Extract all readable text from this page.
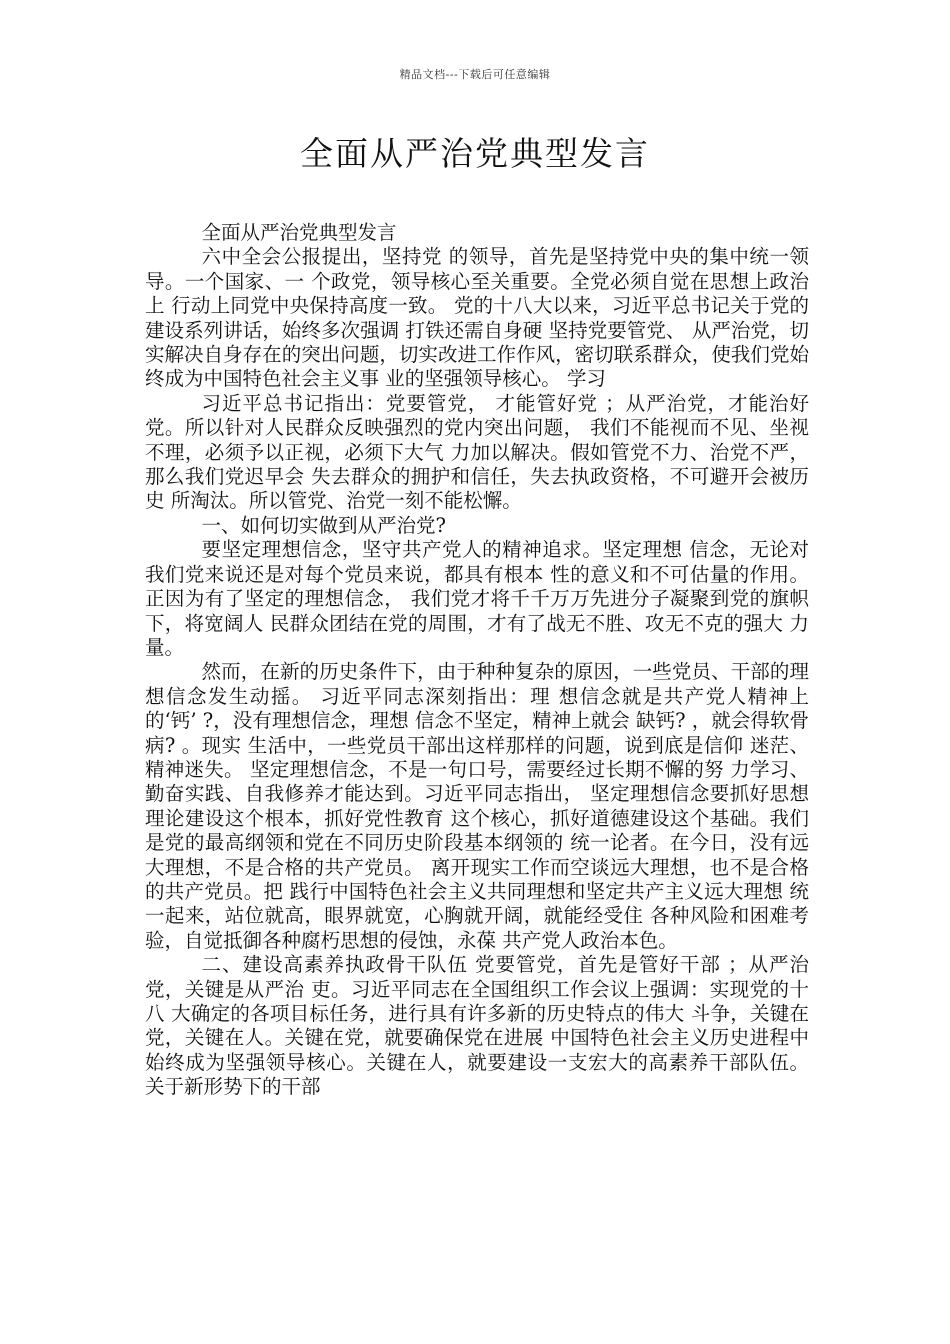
精品文档---下载后可任意编辑
全面从严治党典型发言

全面从严治党典型发言

六中全会公报提出，坚持党 的领导，首先是坚持党中央的集中统一领导。一个国家、一 个政党，领导核心至关重要。全党必须自觉在思想上政治上 行动上同党中央保持高度一致。 党的十八大以来，习近平总书记关于党的建设系列讲话，始终多次强调 打铁还需自身硬 坚持党要管党、 从严治党，切实解决自身存在的突出问题，切实改进工作作风，密切联系群众，使我们党始终成为中国特色社会主义事 业的坚强领导核心。 学习

习近平总书记指出：党要管党， 才能管好党 ；从严治党，才能治好党。所以针对人民群众反映强烈的党内突出问题， 我们不能视而不见、坐视不理，必须予以正视，必须下大气 力加以解决。假如管党不力、治党不严，那么我们党迟早会 失去群众的拥护和信任，失去执政资格，不可避开会被历史 所淘汰。所以管党、治党一刻不能松懈。

一、如何切实做到从严治党?

要坚定理想信念，坚守共产党人的精神追求。坚定理想 信念，无论对我们党来说还是对每个党员来说，都具有根本 性的意义和不可估量的作用。正因为有了坚定的理想信念， 我们党才将千千万万先进分子凝聚到党的旗帜下，将宽阔人 民群众团结在党的周围，才有了战无不胜、攻无不克的强大 力量。

然而，在新的历史条件下，由于种种复杂的原因，一些党员、干部的理想信念发生动摇。 习近平同志深刻指出：理 想信念就是共产党人精神上的‘钙’ ?，没有理想信念，理想 信念不坚定，精神上就会 缺钙? ，就会得软骨病? 。现实 生活中，一些党员干部出这样那样的问题，说到底是信仰 迷茫、精神迷失。 坚定理想信念，不是一句口号，需要经过长期不懈的努 力学习、勤奋实践、自我修养才能达到。习近平同志指出， 坚定理想信念要抓好思想理论建设这个根本，抓好党性教育 这个核心，抓好道德建设这个基础。我们是党的最高纲领和党在不同历史阶段基本纲领的 统一论者。在今日，没有远大理想，不是合格的共产党员。 离开现实工作而空谈远大理想，也不是合格的共产党员。把 践行中国特色社会主义共同理想和坚定共产主义远大理想 统一起来，站位就高，眼界就宽，心胸就开阔，就能经受住 各种风险和困难考验，自觉抵御各种腐朽思想的侵蚀，永葆 共产党人政治本色。

二、建设高素养执政骨干队伍 党要管党，首先是管好干部 ；从严治党，关键是从严治 吏。习近平同志在全国组织工作会议上强调：实现党的十八 大确定的各项目标任务，进行具有许多新的历史特点的伟大 斗争，关键在党，关键在人。关键在党，就要确保党在进展 中国特色社会主义历史进程中始终成为坚强领导核心。关键在人，就要建设一支宏大的高素养干部队伍。 关于新形势下的干部
